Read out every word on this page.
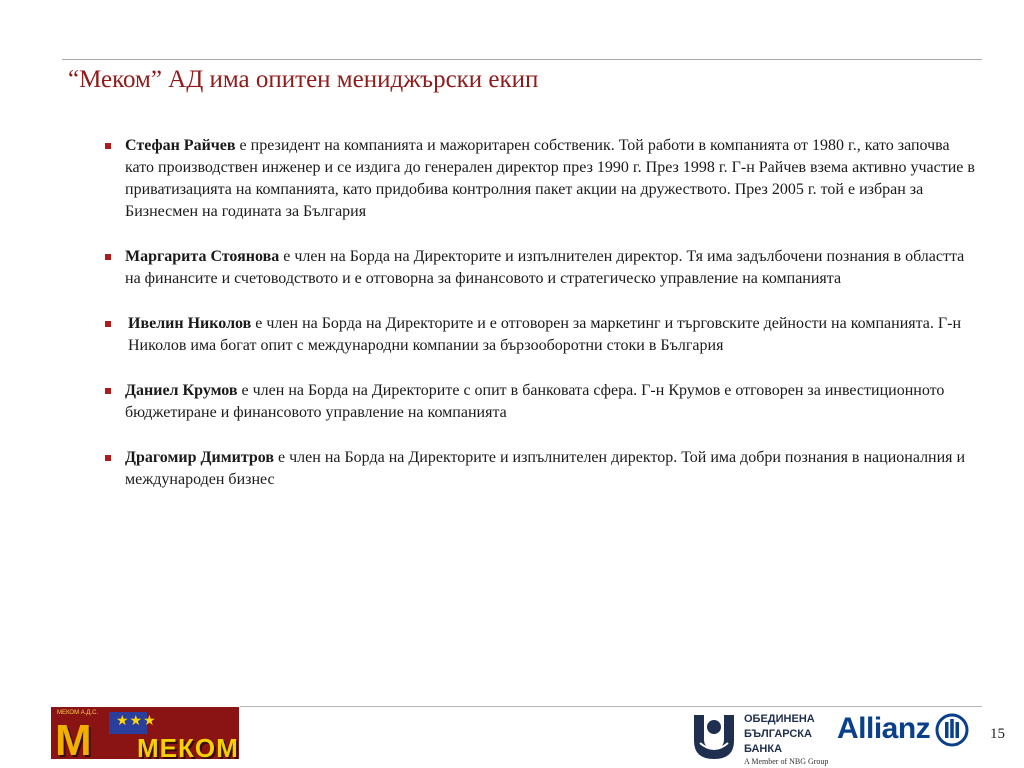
“Меком” АД има опитен мениджърски екип
Стефан Райчев е президент на компанията и мажоритарен собственик. Той работи в компанията от 1980 г., като започва като производствен инженер и се издига до генерален директор през 1990 г. През 1998 г. Г-н Райчев взема активно участие в приватизацията на компанията, като придобива контролния пакет акции на дружеството. През 2005 г. той е избран за Бизнесмен на годината за България
Маргарита Стоянова е член на Борда на Директорите и изпълнителен директор. Тя има задълбочени познания в областта на финансите и счетоводството и е отговорна за финансовото и стратегическо управление на компанията
Ивелин Николов е член на Борда на Директорите и е отговорен за маркетинг и търговските дейности на компанията. Г-н Николов има богат опит с международни компании за бързооборотни стоки в България
Даниел Крумов е член на Борда на Директорите с опит в банковата сфера. Г-н Крумов е отговорен за инвестиционното бюджетиране и финансовото управление на компанията
Драгомир Димитров е член на Борда на Директорите и изпълнителен директор. Той има добри познания в националния и международен бизнес
МЕКОМ А.Д.С. ★★★
M МЕКОМ
ОБЕДИНЕНА
БЪЛГАРСКА
БАНКА
A Member of NBG Group
Allianz	15
